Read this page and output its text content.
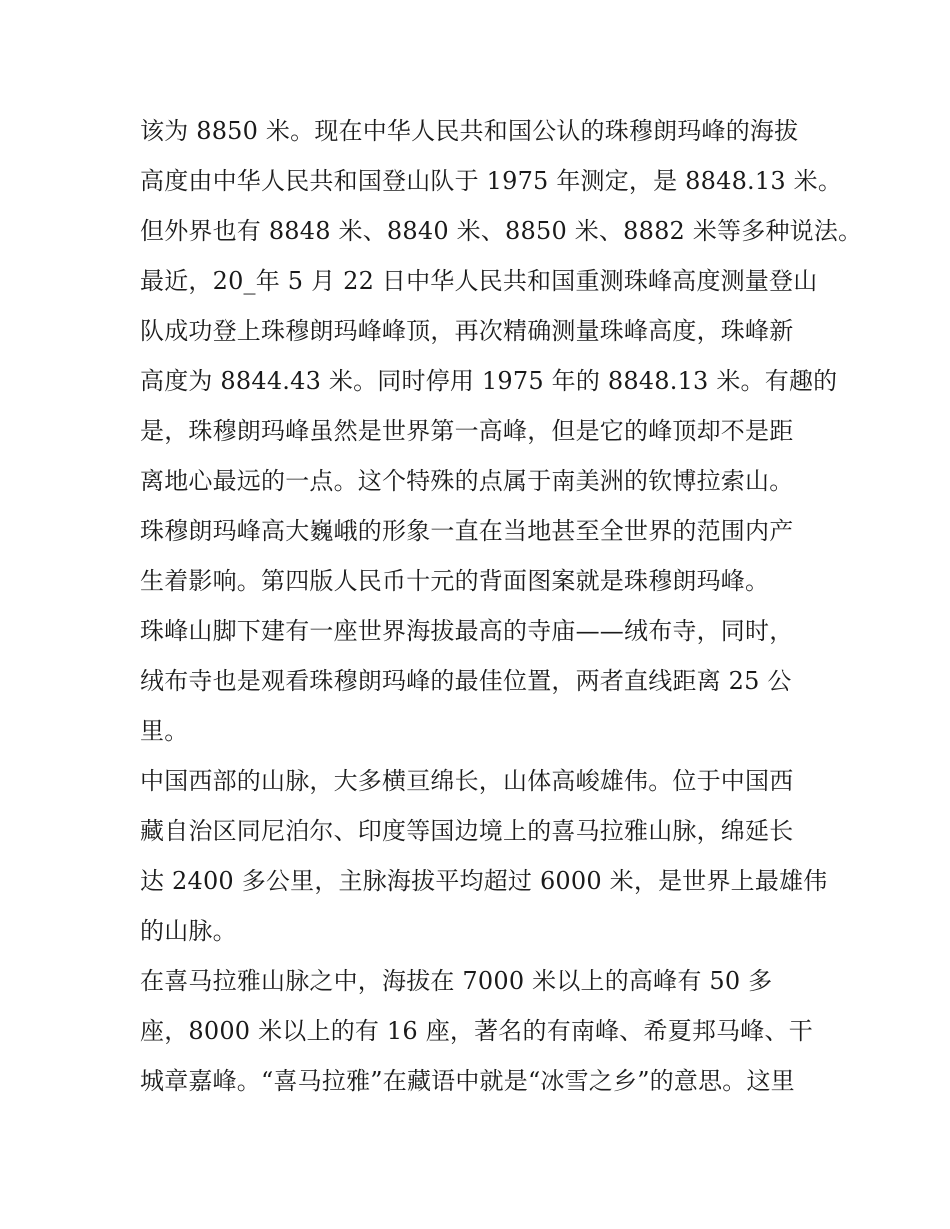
该为 8850 米。现在中华人民共和国公认的珠穆朗玛峰的海拔
高度由中华人民共和国登山队于 1975 年测定，是 8848.13 米。
但外界也有 8848 米、8840 米、8850 米、8882 米等多种说法。
最近，20_年 5 月 22 日中华人民共和国重测珠峰高度测量登山
队成功登上珠穆朗玛峰峰顶，再次精确测量珠峰高度，珠峰新
高度为 8844.43 米。同时停用 1975 年的 8848.13 米。有趣的
是，珠穆朗玛峰虽然是世界第一高峰，但是它的峰顶却不是距
离地心最远的一点。这个特殊的点属于南美洲的钦博拉索山。
珠穆朗玛峰高大巍峨的形象一直在当地甚至全世界的范围内产
生着影响。第四版人民币十元的背面图案就是珠穆朗玛峰。
珠峰山脚下建有一座世界海拔最高的寺庙——绒布寺，同时，
绒布寺也是观看珠穆朗玛峰的最佳位置，两者直线距离 25 公
里。
中国西部的山脉，大多横亘绵长，山体高峻雄伟。位于中国西
藏自治区同尼泊尔、印度等国边境上的喜马拉雅山脉，绵延长
达 2400 多公里，主脉海拔平均超过 6000 米，是世界上最雄伟
的山脉。
在喜马拉雅山脉之中，海拔在 7000 米以上的高峰有 50 多
座，8000 米以上的有 16 座，著名的有南峰、希夏邦马峰、干
城章嘉峰。“喜马拉雅”在藏语中就是“冰雪之乡”的意思。这里
